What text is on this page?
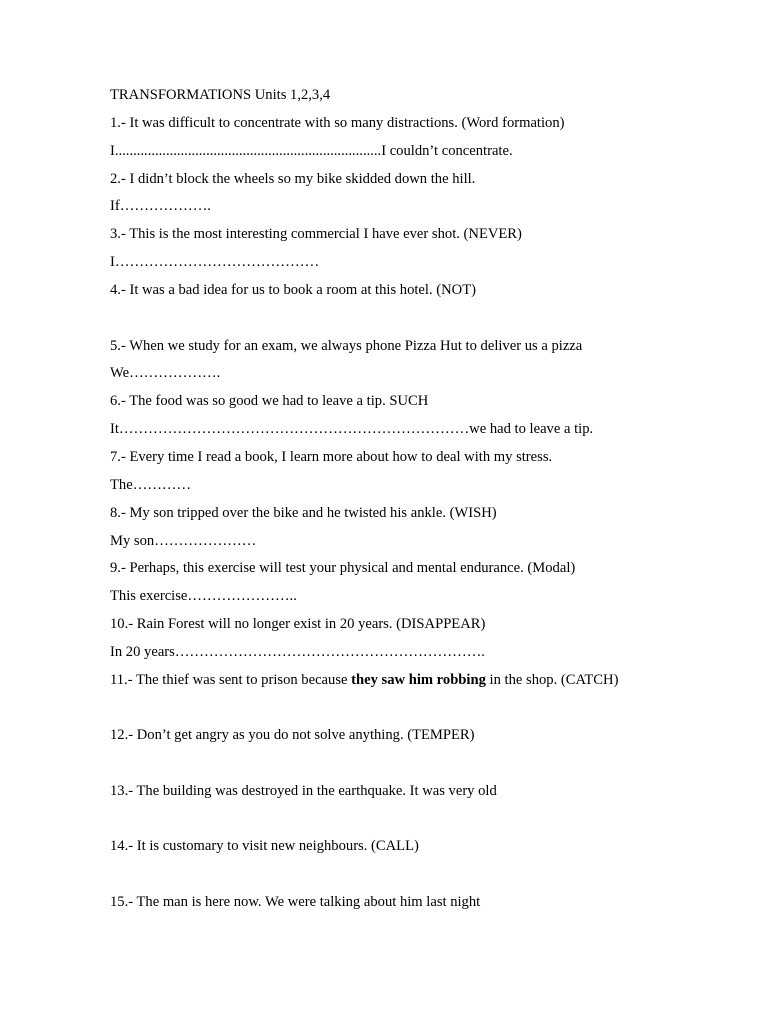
TRANSFORMATIONS Units 1,2,3,4
1.- It was difficult to concentrate with so many distractions. (Word formation)
I.........................................................................I couldn’t concentrate.
2.- I didn’t block the wheels so my bike skidded down the hill.
If……………….
3.- This is the most interesting commercial I have ever shot. (NEVER)
I……………………………………
4.- It was a bad idea for us to book a room at this hotel. (NOT)
5.- When we study for an exam, we always phone Pizza Hut to deliver us a pizza
We……………….
6.- The food was so good we had to leave a tip. SUCH
It………………………………………………………………we had to leave a tip.
7.- Every time I read a book, I learn more about how to deal with my stress.
The…………
8.- My son tripped over the bike and he twisted his ankle. (WISH)
My son…………………
9.- Perhaps, this exercise will test your physical and mental endurance. (Modal)
This exercise…………………..
10.- Rain Forest will no longer exist in 20 years. (DISAPPEAR)
In 20 years……………………………………………………….
11.- The thief was sent to prison because they saw him robbing in the shop. (CATCH)
12.- Don’t get angry as you do not solve anything. (TEMPER)
13.- The building was destroyed in the earthquake. It was very old
14.- It is customary to visit new neighbours. (CALL)
15.- The man is here now. We were talking about him last night
